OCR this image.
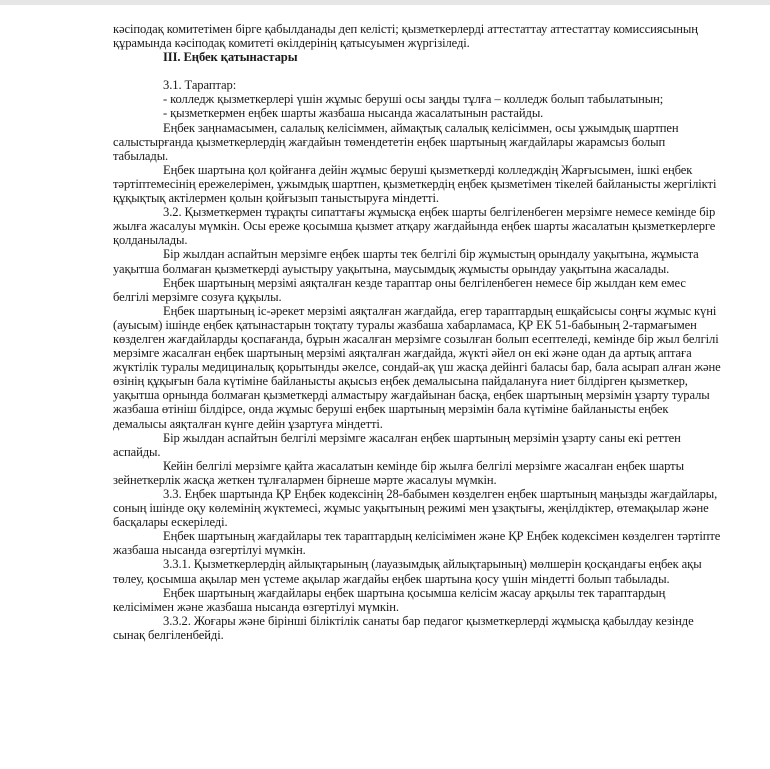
кәсіподақ комитетімен бірге қабылданады деп келісті; қызметкерлерді аттестаттау аттестаттау комиссиясының құрамында кәсіподақ комитеті өкілдерінің қатысуымен жүргізіледі.

III. Еңбек қатынастары

3.1. Тараптар:

- колледж қызметкерлері үшін жұмыс беруші осы заңды тұлға – колледж болып табылатынын;

- қызметкермен еңбек шарты жазбаша нысанда жасалатынын растайды.

Еңбек заңнамасымен, салалық келісіммен, аймақтық салалық келісіммен, осы ұжымдық шартпен салыстырғанда қызметкерлердің жағдайын төмендететін еңбек шартының жағдайлары жарамсыз болып табылады.

Еңбек шартына қол қойғанға дейін жұмыс беруші қызметкерді колледждің Жарғысымен, ішкі еңбек тәртіптемесінің ережелерімен, ұжымдық шартпен, қызметкердің еңбек қызметімен тікелей байланысты жергілікті құқықтық актілермен қолын қойғызып таныстыруға міндетті.

3.2. Қызметкермен тұрақты сипаттағы жұмысқа еңбек шарты белгіленбеген мерзімге немесе кемінде бір жылға жасалуы мүмкін. Осы ереже қосымша қызмет атқару жағдайында еңбек шарты жасалатын қызметкерлерге қолданылады.

Бір жылдан аспайтын мерзімге еңбек шарты тек белгілі бір жұмыстың орындалу уақытына, жұмыста уақытша болмаған қызметкерді ауыстыру уақытына, маусымдық жұмысты орындау уақытына жасалады.

Еңбек шартының мерзімі аяқталған кезде тараптар оны белгіленбеген немесе бір жылдан кем емес белгілі мерзімге созуға құқылы.

Еңбек шартының іс-әрекет мерзімі аяқталған жағдайда, егер тараптардың ешқайсысы соңғы жұмыс күні (ауысым) ішінде еңбек қатынастарын тоқтату туралы жазбаша хабарламаса, ҚР ЕК 51-бабының 2-тармағымен көзделген жағдайларды қоспағанда, бұрын жасалған мерзімге созылған болып есептеледі, кемінде бір жыл белгілі мерзімге жасалған еңбек шартының мерзімі аяқталған жағдайда, жүкті әйел он екі және одан да артық аптаға жүктілік туралы медициналық қорытынды әкелсе, сондай-ақ үш жасқа дейінгі баласы бар, бала асырап алған және өзінің құқығын бала күтіміне байланысты ақысыз еңбек демалысына пайдалануға ниет білдірген қызметкер, уақытша орнында болмаған қызметкерді алмастыру жағдайынан басқа, еңбек шартының мерзімін ұзарту туралы жазбаша өтініш білдірсе, онда жұмыс беруші еңбек шартының мерзімін бала күтіміне байланысты еңбек демалысы аяқталған күнге дейін ұзартуға міндетті.

Бір жылдан аспайтын белгілі мерзімге жасалған еңбек шартының мерзімін ұзарту саны екі реттен аспайды.

Кейін белгілі мерзімге қайта жасалатын кемінде бір жылға белгілі мерзімге жасалған еңбек шарты зейнеткерлік жасқа жеткен тұлғалармен бірнеше мәрте жасалуы мүмкін.

3.3. Еңбек шартында ҚР Еңбек кодексінің 28-бабымен көзделген еңбек шартының маңызды жағдайлары, соның ішінде оқу көлемінің жүктемесі, жұмыс уақытының режимі мен ұзақтығы, жеңілдіктер, өтемақылар және басқалары ескеріледі.

Еңбек шартының жағдайлары тек тараптардың келісімімен және ҚР Еңбек кодексімен көзделген тәртіпте жазбаша нысанда өзгертілуі мүмкін.

3.3.1. Қызметкерлердің айлықтарының (лауазымдық айлықтарының) мөлшерін қосқандағы еңбек ақы төлеу, қосымша ақылар мен үстеме ақылар жағдайы еңбек шартына қосу үшін міндетті болып табылады.

Еңбек шартының жағдайлары еңбек шартына қосымша келісім жасау арқылы тек тараптардың келісімімен және жазбаша нысанда өзгертілуі мүмкін.

3.3.2. Жоғары және бірінші біліктілік санаты бар педагог қызметкерлерді жұмысқа қабылдау кезінде сынақ белгіленбейді.
